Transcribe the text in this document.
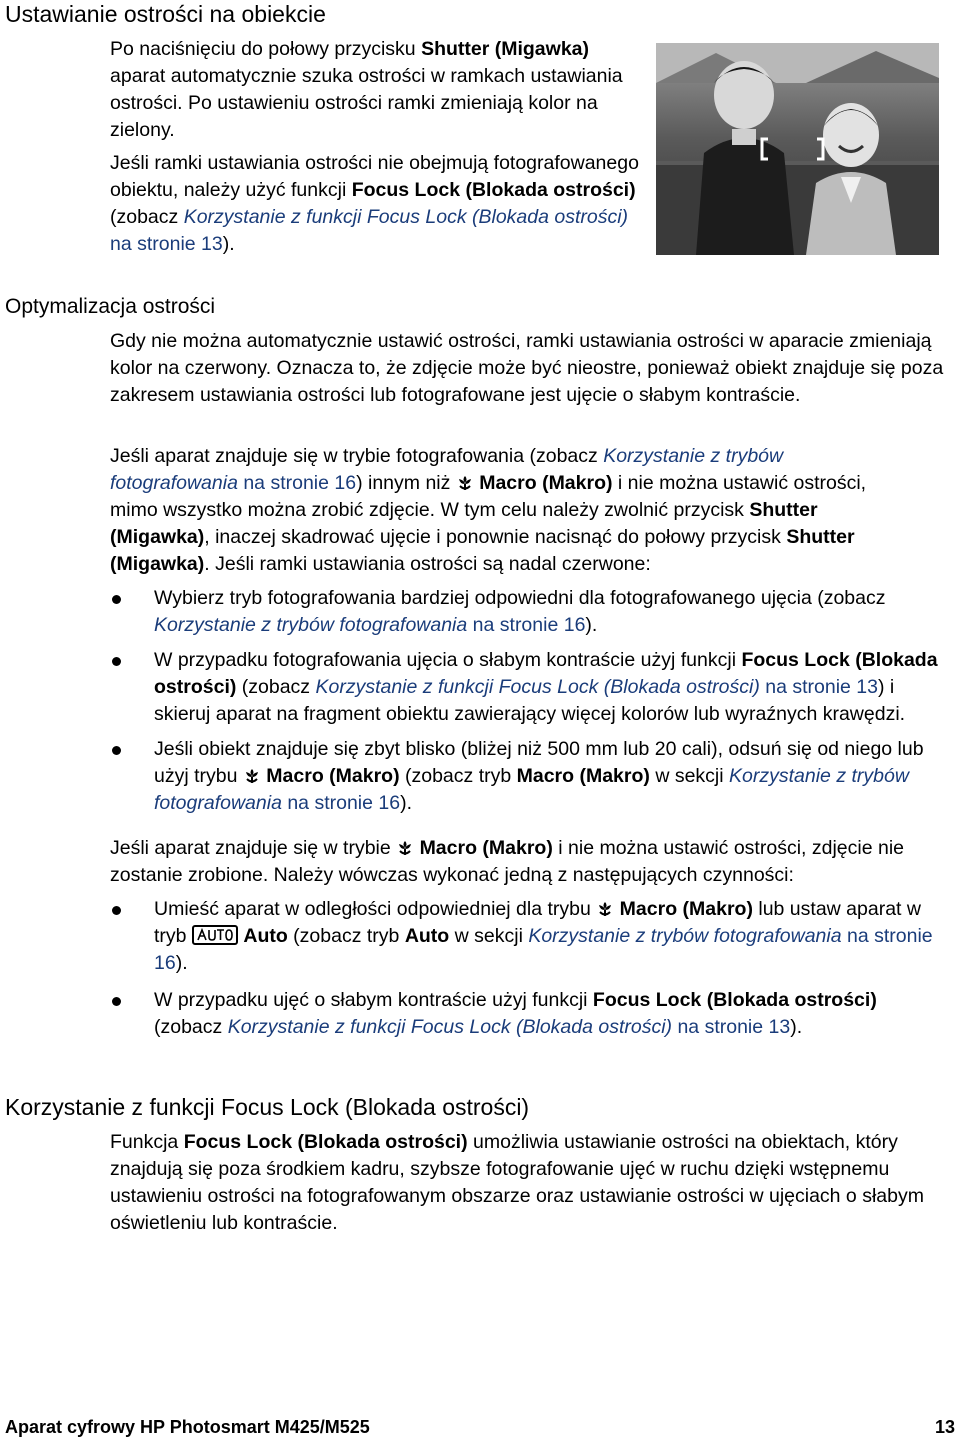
Ustawianie ostrości na obiekcie

Po naciśnięciu do połowy przycisku Shutter (Migawka) aparat automatycznie szuka ostrości w ramkach ustawiania ostrości. Po ustawieniu ostrości ramki zmieniają kolor na zielony.

Jeśli ramki ustawiania ostrości nie obejmują fotografowanego obiektu, należy użyć funkcji Focus Lock (Blokada ostrości) (zobacz Korzystanie z funkcji Focus Lock (Blokada ostrości) na stronie 13).

Optymalizacja ostrości

Gdy nie można automatycznie ustawić ostrości, ramki ustawiania ostrości w aparacie zmieniają kolor na czerwony. Oznacza to, że zdjęcie może być nieostre, ponieważ obiekt znajduje się poza zakresem ustawiania ostrości lub fotografowane jest ujęcie o słabym kontraście.

Jeśli aparat znajduje się w trybie fotografowania (zobacz Korzystanie z trybów fotografowania na stronie 16) innym niż  Macro (Makro) i nie można ustawić ostrości, mimo wszystko można zrobić zdjęcie. W tym celu należy zwolnić przycisk Shutter (Migawka), inaczej skadrować ujęcie i ponownie nacisnąć do połowy przycisk Shutter (Migawka). Jeśli ramki ustawiania ostrości są nadal czerwone:

Wybierz tryb fotografowania bardziej odpowiedni dla fotografowanego ujęcia (zobacz Korzystanie z trybów fotografowania na stronie 16).
W przypadku fotografowania ujęcia o słabym kontraście użyj funkcji Focus Lock (Blokada ostrości) (zobacz Korzystanie z funkcji Focus Lock (Blokada ostrości) na stronie 13) i skieruj aparat na fragment obiektu zawierający więcej kolorów lub wyraźnych krawędzi.
Jeśli obiekt znajduje się zbyt blisko (bliżej niż 500 mm lub 20 cali), odsuń się od niego lub użyj trybu  Macro (Makro) (zobacz tryb Macro (Makro) w sekcji Korzystanie z trybów fotografowania na stronie 16).

Jeśli aparat znajduje się w trybie  Macro (Makro) i nie można ustawić ostrości, zdjęcie nie zostanie zrobione. Należy wówczas wykonać jedną z następujących czynności:

Umieść aparat w odległości odpowiedniej dla trybu  Macro (Makro) lub ustaw aparat w tryb	Auto (zobacz tryb Auto w sekcji Korzystanie z trybów fotografowania na stronie 16).
W przypadku ujęć o słabym kontraście użyj funkcji Focus Lock (Blokada ostrości) (zobacz Korzystanie z funkcji Focus Lock (Blokada ostrości) na stronie 13).
Korzystanie z funkcji Focus Lock (Blokada ostrości)

Funkcja Focus Lock (Blokada ostrości) umożliwia ustawianie ostrości na obiektach, który znajdują się poza środkiem kadru, szybsze fotografowanie ujęć w ruchu dzięki wstępnemu ustawieniu ostrości na fotografowanym obszarze oraz ustawianie ostrości w ujęciach o słabym oświetleniu lub kontraście.

Aparat cyfrowy HP Photosmart M425/M525	13
